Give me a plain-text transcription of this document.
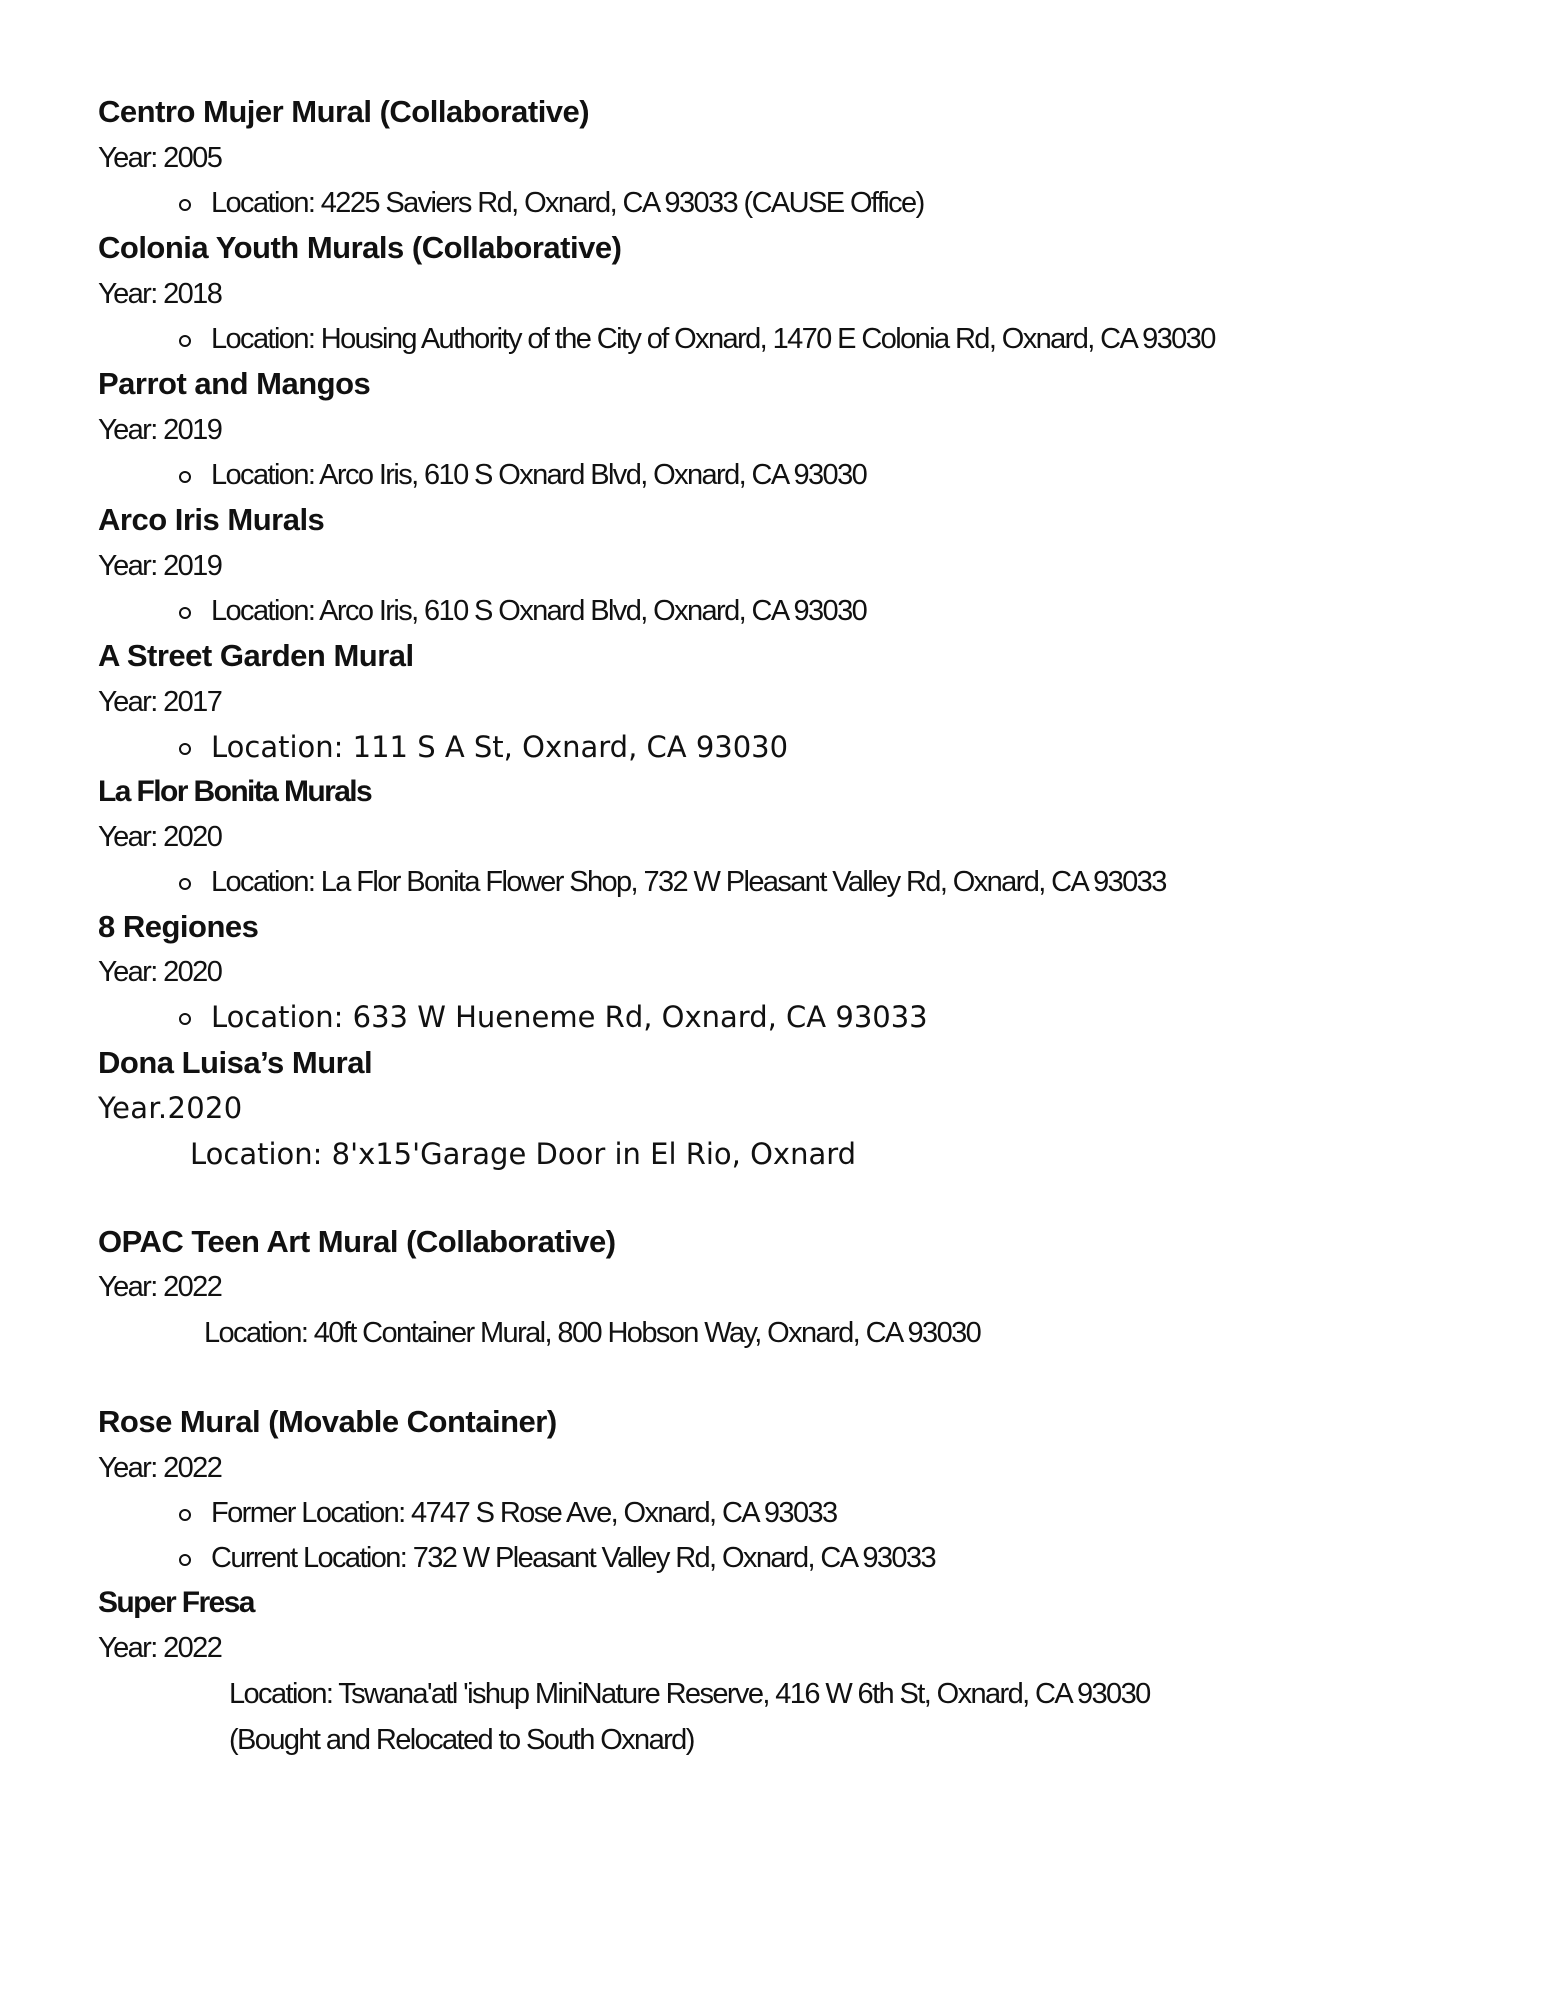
Centro Mujer Mural (Collaborative)

Year: 2005

Location: 4225 Saviers Rd, Oxnard, CA 93033 (CAUSE Office)

Colonia Youth Murals (Collaborative)

Year: 2018

Location: Housing Authority of the City of Oxnard, 1470 E Colonia Rd, Oxnard, CA 93030

Parrot and Mangos

Year: 2019

Location: Arco Iris, 610 S Oxnard Blvd, Oxnard, CA 93030

Arco Iris Murals

Year: 2019

Location: Arco Iris, 610 S Oxnard Blvd, Oxnard, CA 93030

A Street Garden Mural

Year: 2017

Location: 111 S A St, Oxnard, CA 93030

La Flor Bonita Murals

Year: 2020

Location: La Flor Bonita Flower Shop, 732 W Pleasant Valley Rd, Oxnard, CA 93033

8 Regiones

Year: 2020

Location: 633 W Hueneme Rd, Oxnard, CA 93033

Dona Luisa’s Mural

Year.2020

Location: 8'x15'Garage Door in El Rio, Oxnard

OPAC Teen Art Mural (Collaborative)

Year: 2022

Location: 40ft Container Mural, 800 Hobson Way, Oxnard, CA 93030

Rose Mural (Movable Container)

Year: 2022

Former Location: 4747 S Rose Ave, Oxnard, CA 93033

Current Location: 732 W Pleasant Valley Rd, Oxnard, CA 93033

Super Fresa

Year: 2022

Location: Tswana'atl 'ishup MiniNature Reserve, 416 W 6th St, Oxnard, CA 93030

(Bought and Relocated to South Oxnard)
